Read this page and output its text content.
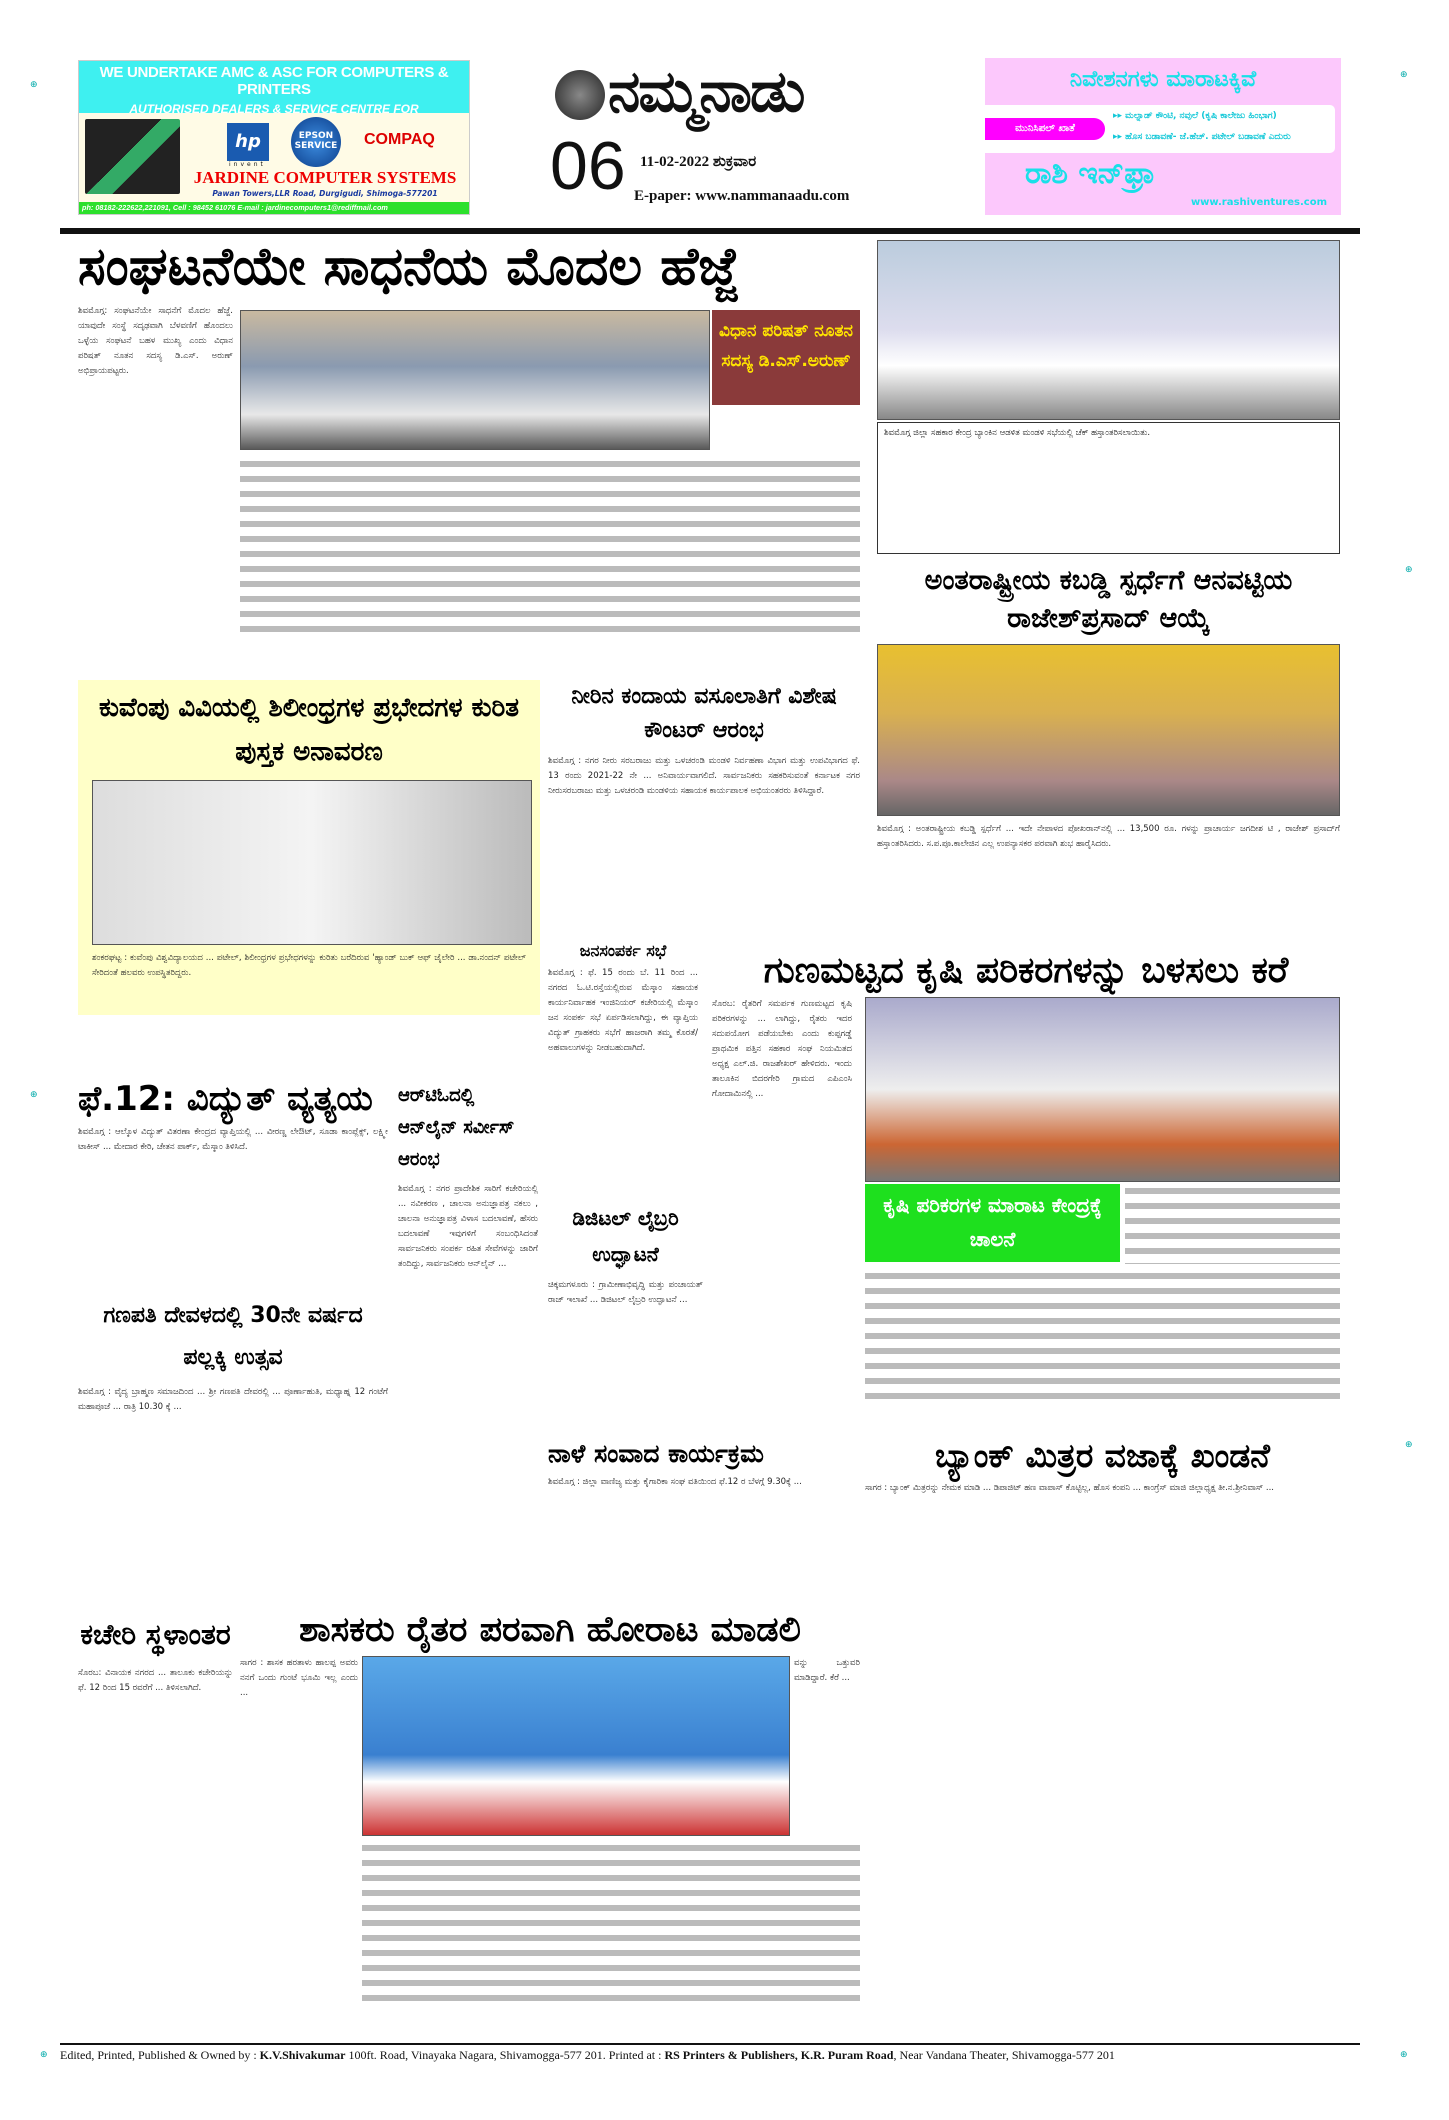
⊕
⊕
⊕
⊕
⊕
⊕	⊕
WE UNDERTAKE AMC & ASC FOR COMPUTERS & PRINTERS
AUTHORISED DEALERS & SERVICE CENTRE FOR
hp
invent
EPSON SERVICE COMPAQ
JARDINE COMPUTER SYSTEMS
Pawan Towers,LLR Road, Durgigudi, Shimoga-577201
ph: 08182-222622,221091, Cell : 98452 61076 E-mail : jardinecomputers1@rediffmail.com
ನಮ್ಮನಾಡು
06 11-02-2022 ಶುಕ್ರವಾರ
E-paper: www.nammanaadu.com
ನಿವೇಶನಗಳು ಮಾರಾಟಕ್ಕಿವೆ
ಮುನಿಸಿಪಲ್ ಖಾತೆ
▸▸ ಮಲ್ನಾಡ್ ಕೌಂಟಿ, ನವುಲೆ (ಕೃಷಿ ಕಾಲೇಜು ಹಿಂಭಾಗ)
▸▸ ಹೊಸ ಬಡಾವಣೆ- ಜೆ.ಹೆಚ್. ಪಟೇಲ್ ಬಡಾವಣೆ ಎದುರು
ರಾಶಿ ಇನ್‌ಫ್ರಾ
www.rashiventures.com
ಸಂಘಟನೆಯೇ ಸಾಧನೆಯ ಮೊದಲ ಹೆಜ್ಜೆ
ಶಿವಮೊಗ್ಗ: ಸಂಘಟನೆಯೇ ಸಾಧನೆಗೆ ಮೊದಲ ಹೆಜ್ಜೆ. ಯಾವುದೇ ಸಂಸ್ಥೆ ಸದೃಢವಾಗಿ ಬೆಳವಣಿಗೆ ಹೊಂದಲು ಒಳ್ಳೆಯ ಸಂಘಟನೆ ಬಹಳ ಮುಖ್ಯ ಎಂದು ವಿಧಾನ ಪರಿಷತ್ ನೂತನ ಸದಸ್ಯ ಡಿ.ಎಸ್. ಅರುಣ್ ಅಭಿಪ್ರಾಯಪಟ್ಟರು.
ವಿಧಾನ ಪರಿಷತ್ ನೂತನ ಸದಸ್ಯ ಡಿ.ಎಸ್.ಅರುಣ್
ಶಿವಮೊಗ್ಗ ಜಿಲ್ಲಾ ಸಹಕಾರ ಕೇಂದ್ರ ಬ್ಯಾಂಕಿನ ಆಡಳಿತ ಮಂಡಳಿ ಸಭೆಯಲ್ಲಿ ಚೆಕ್ ಹಸ್ತಾಂತರಿಸಲಾಯಿತು.
ಅಂತರಾಷ್ಟ್ರೀಯ ಕಬಡ್ಡಿ ಸ್ಪರ್ಧೆಗೆ ಆನವಟ್ಟಿಯ ರಾಜೇಶ್‌ಪ್ರಸಾದ್ ಆಯ್ಕೆ
ಶಿವಮೊಗ್ಗ : ಅಂತರಾಷ್ಟ್ರೀಯ ಕಬಡ್ಡಿ ಸ್ಪರ್ಧೆಗೆ ... ಇದೇ ನೇಪಾಳದ ಪೋಖರಾನ್‌ನಲ್ಲಿ ... 13,500 ರೂ. ಗಳನ್ನು ಪ್ರಾಚಾರ್ಯ ಜಗದೀಶ ಟಿ , ರಾಜೇಶ್ ಪ್ರಸಾದ್‌ಗೆ ಹಸ್ತಾಂತರಿಸಿದರು. ಸ.ಪ.ಪೂ.ಕಾಲೇಜಿನ ಎಲ್ಲ ಉಪನ್ಯಾಸಕರ ಪರವಾಗಿ ಶುಭ ಹಾರೈಸಿದರು.
ಕುವೆಂಪು ವಿವಿಯಲ್ಲಿ ಶಿಲೀಂಧ್ರಗಳ ಪ್ರಭೇದಗಳ ಕುರಿತ ಪುಸ್ತಕ ಅನಾವರಣ
ಶಂಕರಘಟ್ಟ : ಕುವೆಂಪು ವಿಶ್ವವಿದ್ಯಾಲಯದ ... ಪಟೇಲ್, ಶಿಲೀಂಧ್ರಗಳ ಪ್ರಭೇಧಗಳನ್ನು ಕುರಿತು ಬರೆದಿರುವ 'ಹ್ಯಾಂಡ್ ಬುಕ್ ಆಫ್ ಜೈಲೇರಿ ... ಡಾ.ನಂದನ್ ಪಟೇಲ್ ಸೇರಿದಂತೆ ಹಲವರು ಉಪಸ್ಥಿತರಿದ್ದರು.
ನೀರಿನ ಕಂದಾಯ ವಸೂಲಾತಿಗೆ ವಿಶೇಷ ಕೌಂಟರ್ ಆರಂಭ
ಶಿವಮೊಗ್ಗ : ನಗರ ನೀರು ಸರಬರಾಜು ಮತ್ತು ಒಳಚರಂಡಿ ಮಂಡಳಿ ನಿರ್ವಹಣಾ ವಿಭಾಗ ಮತ್ತು ಉಪವಿಭಾಗದ ಫೆ. 13 ರಂದು 2021-22 ನೇ ... ಅನಿವಾರ್ಯವಾಗಲಿದೆ. ಸಾರ್ವಜನಿಕರು ಸಹಕರಿಸುವಂತೆ ಕರ್ನಾಟಕ ನಗರ ನೀರುಸರಬರಾಜು ಮತ್ತು ಒಳಚರಂಡಿ ಮಂಡಳಿಯ ಸಹಾಯಕ ಕಾರ್ಯಪಾಲಕ ಅಭಿಯಂತರರು ತಿಳಿಸಿದ್ದಾರೆ.
ಜನಸಂಪರ್ಕ ಸಭೆ
ಶಿವಮೊಗ್ಗ : ಫೆ. 15 ರಂದು ಬೆ. 11 ರಿಂದ ... ನಗರದ ಓ.ಟಿ.ರಸ್ತೆಯಲ್ಲಿರುವ ಮೆಸ್ಕಾಂ ಸಹಾಯಕ ಕಾರ್ಯನಿರ್ವಾಹಕ ಇಂಜಿನಿಯರ್ ಕಚೇರಿಯಲ್ಲಿ ಮೆಸ್ಕಾಂ ಜನ ಸಂಪರ್ಕ ಸಭೆ ಏರ್ಪಡಿಸಲಾಗಿದ್ದು, ಈ ವ್ಯಾಪ್ತಿಯ ವಿದ್ಯುತ್ ಗ್ರಾಹಕರು ಸಭೆಗೆ ಹಾಜರಾಗಿ ತಮ್ಮ ಕೊರತೆ/ಅಹವಾಲುಗಳನ್ನು ನೀಡಬಹುದಾಗಿದೆ.
ಗುಣಮಟ್ಟದ ಕೃಷಿ ಪರಿಕರಗಳನ್ನು ಬಳಸಲು ಕರೆ
ಸೊರಬ: ರೈತರಿಗೆ ಸಮರ್ಪಕ ಗುಣಮಟ್ಟದ ಕೃಷಿ ಪರಿಕರಗಳನ್ನು ... ಲಾಗಿದ್ದು, ರೈತರು ಇದರ ಸದುಪಯೋಗ ಪಡೆಯಬೇಕು ಎಂದು ಕುಪ್ಪಗಡ್ಡೆ ಪ್ರಾಥಮಿಕ ಪತ್ತಿನ ಸಹಕಾರ ಸಂಘ ನಿಯಮಿತದ ಅಧ್ಯಕ್ಷ ಎಲ್.ಜಿ. ರಾಜಶೇಖರ್ ಹೇಳಿದರು. ಇಂದು ತಾಲೂಕಿನ ಬಿದರಗೇರಿ ಗ್ರಾಮದ ಎಪಿಎಂಸಿ ಗೋದಾಮಿನಲ್ಲಿ ...
ಕೃಷಿ ಪರಿಕರಗಳ ಮಾರಾಟ ಕೇಂದ್ರಕ್ಕೆ ಚಾಲನೆ
ಫೆ.12: ವಿದ್ಯುತ್ ವ್ಯತ್ಯಯ
ಶಿವಮೊಗ್ಗ : ಆಲ್ಕೊಳ ವಿದ್ಯುತ್ ವಿತರಣಾ ಕೇಂದ್ರದ ವ್ಯಾಪ್ತಿಯಲ್ಲಿ ... ವೀರಣ್ಣ ಲೇಔಟ್, ಸೂಡಾ ಕಾಂಪ್ಲೆಕ್ಸ್, ಲಕ್ಷ್ಮೀ ಟಾಕೀಸ್ ... ಮೇದಾರ ಕೇರಿ, ಚೇತನ ಪಾರ್ಕ್, ಮೆಸ್ಕಾಂ ತಿಳಿಸಿದೆ.
ಆರ್‌ಟಿಓದಲ್ಲಿ ಆನ್‌ಲೈನ್ ಸರ್ವೀಸ್ ಆರಂಭ
ಶಿವಮೊಗ್ಗ : ನಗರ ಪ್ರಾದೇಶಿಕ ಸಾರಿಗೆ ಕಚೇರಿಯಲ್ಲಿ ... ನವೀಕರಣ , ಚಾಲನಾ ಅನುಜ್ಞಾಪತ್ರ ನಕಲು , ಚಾಲನಾ ಅನುಜ್ಞಾಪತ್ರ ವಿಳಾಸ ಬದಲಾವಣೆ, ಹೆಸರು ಬದಲಾವಣೆ ಇವುಗಳಿಗೆ ಸಂಬಂಧಿಸಿದಂತೆ ಸಾರ್ವಜನಿಕರು ಸಂಪರ್ಕ ರಹಿತ ಸೇವೆಗಳನ್ನು ಜಾರಿಗೆ ತಂದಿದ್ದು, ಸಾರ್ವಜನಿಕರು ಆನ್‌ಲೈನ್ ...
ಡಿಜಿಟಲ್ ಲೈಬ್ರರಿ ಉದ್ಘಾಟನೆ
ಚಿಕ್ಕಮಗಳೂರು : ಗ್ರಾಮೀಣಾಭಿವೃದ್ಧಿ ಮತ್ತು ಪಂಚಾಯತ್ ರಾಜ್ ಇಲಾಖೆ ... ಡಿಜಿಟಲ್ ಲೈಬ್ರರಿ ಉದ್ಘಾಟನೆ ...
ಗಣಪತಿ ದೇವಳದಲ್ಲಿ 30ನೇ ವರ್ಷದ ಪಲ್ಲಕ್ಕಿ ಉತ್ಸವ
ಶಿವಮೊಗ್ಗ : ವೈದ್ಯ ಬ್ರಾಹ್ಮಣ ಸಮಾಜದಿಂದ ... ಶ್ರೀ ಗಣಪತಿ ದೇವರಲ್ಲಿ ... ಪೂರ್ಣಾಹುತಿ, ಮಧ್ಯಾಹ್ನ 12 ಗಂಟೆಗೆ ಮಹಾಪೂಜೆ ... ರಾತ್ರಿ 10.30 ಕ್ಕೆ ...
ನಾಳೆ ಸಂವಾದ ಕಾರ್ಯಕ್ರಮ
ಶಿವಮೊಗ್ಗ : ಜಿಲ್ಲಾ ವಾಣಿಜ್ಯ ಮತ್ತು ಕೈಗಾರಿಕಾ ಸಂಘ ವತಿಯಿಂದ ಫೆ.12 ರ ಬೆಳಗ್ಗೆ 9.30ಕ್ಕೆ ...
ಬ್ಯಾಂಕ್ ಮಿತ್ರರ ವಜಾಕ್ಕೆ ಖಂಡನೆ
ಸಾಗರ : ಬ್ಯಾಂಕ್ ಮಿತ್ರರನ್ನು ನೇಮಕ ಮಾಡಿ ... ಡಿಪಾಜಿಟ್ ಹಣ ವಾಪಾಸ್ ಕೊಟ್ಟಿಲ್ಲ, ಹೊಸ ಕಂಪನಿ ... ಕಾಂಗ್ರೆಸ್ ಮಾಜಿ ಜಿಲ್ಲಾಧ್ಯಕ್ಷ ತೀ.ನ.ಶ್ರೀನಿವಾಸ್ ...
ಕಚೇರಿ ಸ್ಥಳಾಂತರ
ಸೊರಬ: ವಿನಾಯಕ ನಗರದ ... ತಾಲೂಕು ಕಚೇರಿಯನ್ನು ಫೆ. 12 ರಿಂದ 15 ರವರೆಗೆ ... ತಿಳಿಸಲಾಗಿದೆ.
ಶಾಸಕರು ರೈತರ ಪರವಾಗಿ ಹೋರಾಟ ಮಾಡಲಿ
ಸಾಗರ : ಶಾಸಕ ಹರತಾಳು ಹಾಲಪ್ಪ ಅವರು ನನಗೆ ಒಂದು ಗುಂಟೆ ಭೂಮಿ ಇಲ್ಲ ಎಂದು ...
ವನ್ನು ಒತ್ತುವರಿ ಮಾಡಿದ್ದಾರೆ. ಕೆರೆ ...
Edited, Printed, Published & Owned by : K.V.Shivakumar 100ft. Road, Vinayaka Nagara, Shivamogga-577 201. Printed at : RS Printers & Publishers, K.R. Puram Road, Near Vandana Theater, Shivamogga-577 201
